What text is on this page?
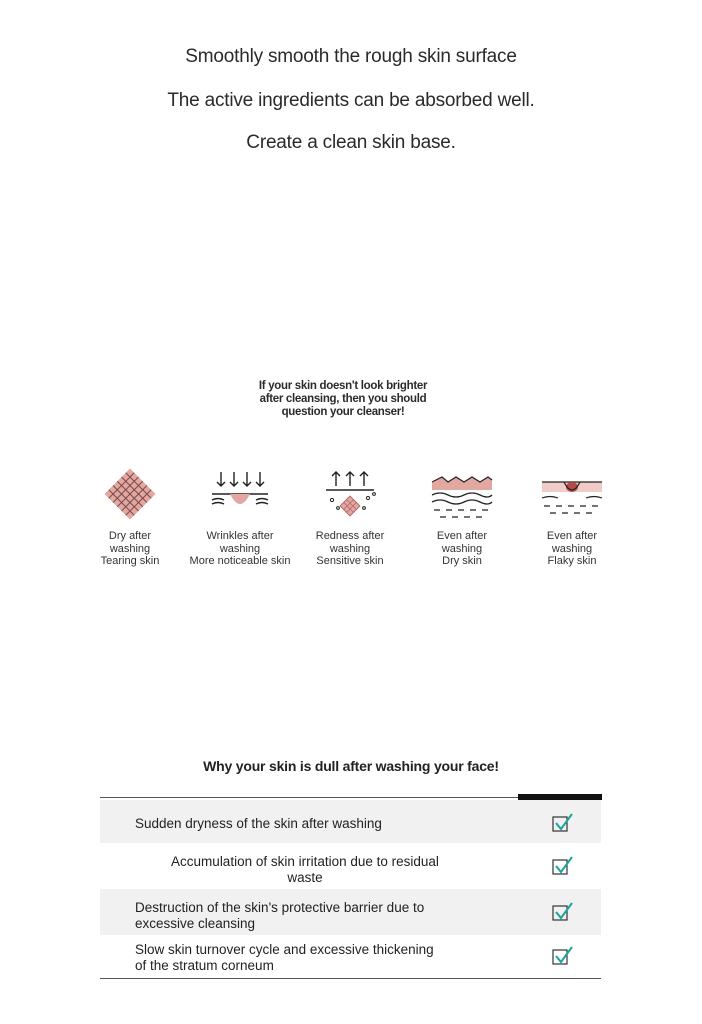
Smoothly smooth the rough skin surface
The active ingredients can be absorbed well.
Create a clean skin base.
If your skin doesn't look brighter
after cleansing, then you should
question your cleanser!
Dry after
washing
Tearing skin
Wrinkles after
washing
More noticeable skin
Redness after
washing
Sensitive skin
Even after
washing
Dry skin
Even after
washing
Flaky skin
Why your skin is dull after washing your face!
Sudden dryness of the skin after washing
Accumulation of skin irritation due to residual
waste
Destruction of the skin's protective barrier due to
excessive cleansing
Slow skin turnover cycle and excessive thickening
of the stratum corneum
